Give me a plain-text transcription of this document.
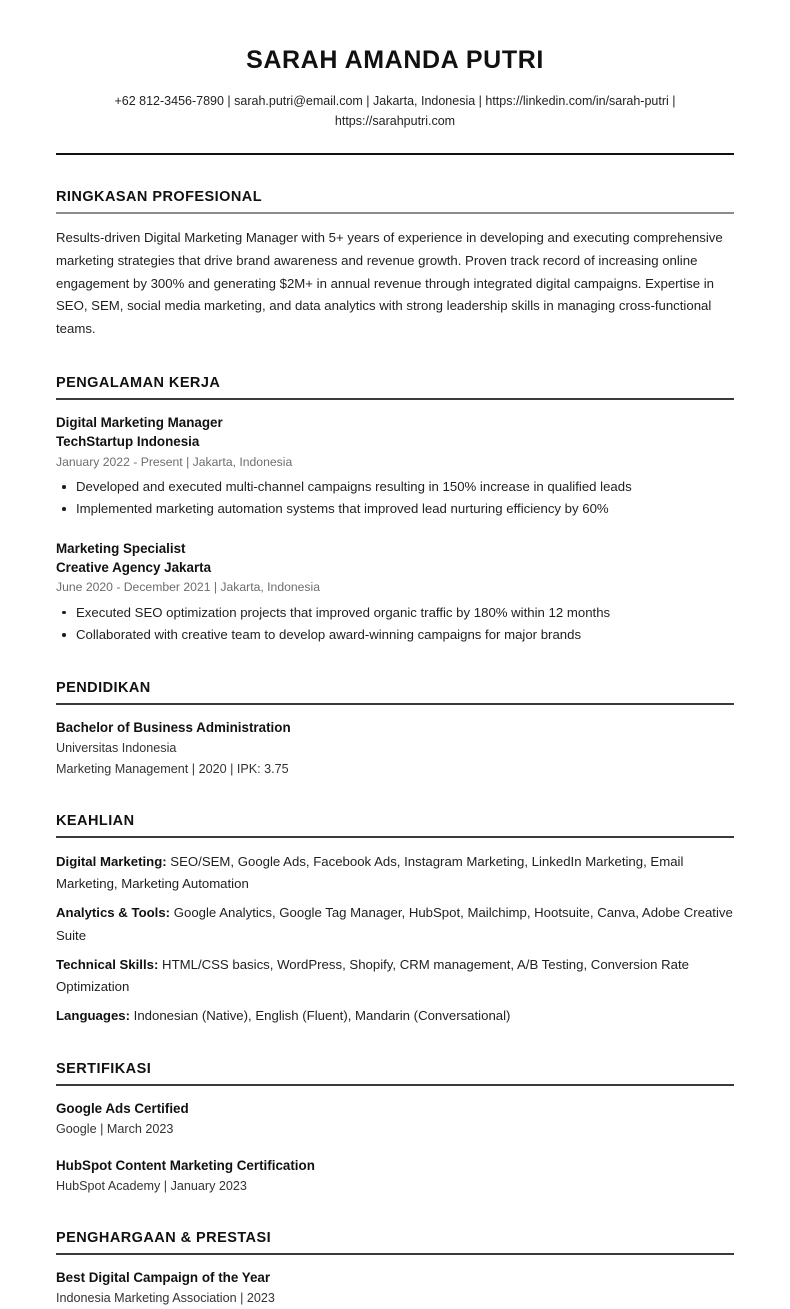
SARAH AMANDA PUTRI
+62 812-3456-7890 | sarah.putri@email.com | Jakarta, Indonesia | https://linkedin.com/in/sarah-putri | https://sarahputri.com
RINGKASAN PROFESIONAL

Results-driven Digital Marketing Manager with 5+ years of experience in developing and executing comprehensive marketing strategies that drive brand awareness and revenue growth. Proven track record of increasing online engagement by 300% and generating $2M+ in annual revenue through integrated digital campaigns. Expertise in SEO, SEM, social media marketing, and data analytics with strong leadership skills in managing cross-functional teams.

PENGALAMAN KERJA
Digital Marketing Manager
TechStartup Indonesia
January 2022 - Present | Jakarta, Indonesia
Developed and executed multi-channel campaigns resulting in 150% increase in qualified leads
Implemented marketing automation systems that improved lead nurturing efficiency by 60%
Marketing Specialist
Creative Agency Jakarta
June 2020 - December 2021 | Jakarta, Indonesia
Executed SEO optimization projects that improved organic traffic by 180% within 12 months
Collaborated with creative team to develop award-winning campaigns for major brands
PENDIDIKAN
Bachelor of Business Administration
Universitas Indonesia
Marketing Management | 2020 | IPK: 3.75
KEAHLIAN
Digital Marketing: SEO/SEM, Google Ads, Facebook Ads, Instagram Marketing, LinkedIn Marketing, Email Marketing, Marketing Automation
Analytics & Tools: Google Analytics, Google Tag Manager, HubSpot, Mailchimp, Hootsuite, Canva, Adobe Creative Suite
Technical Skills: HTML/CSS basics, WordPress, Shopify, CRM management, A/B Testing, Conversion Rate Optimization
Languages: Indonesian (Native), English (Fluent), Mandarin (Conversational)
SERTIFIKASI
Google Ads Certified
Google | March 2023
HubSpot Content Marketing Certification
HubSpot Academy | January 2023
PENGHARGAAN & PRESTASI
Best Digital Campaign of the Year
Indonesia Marketing Association | 2023
